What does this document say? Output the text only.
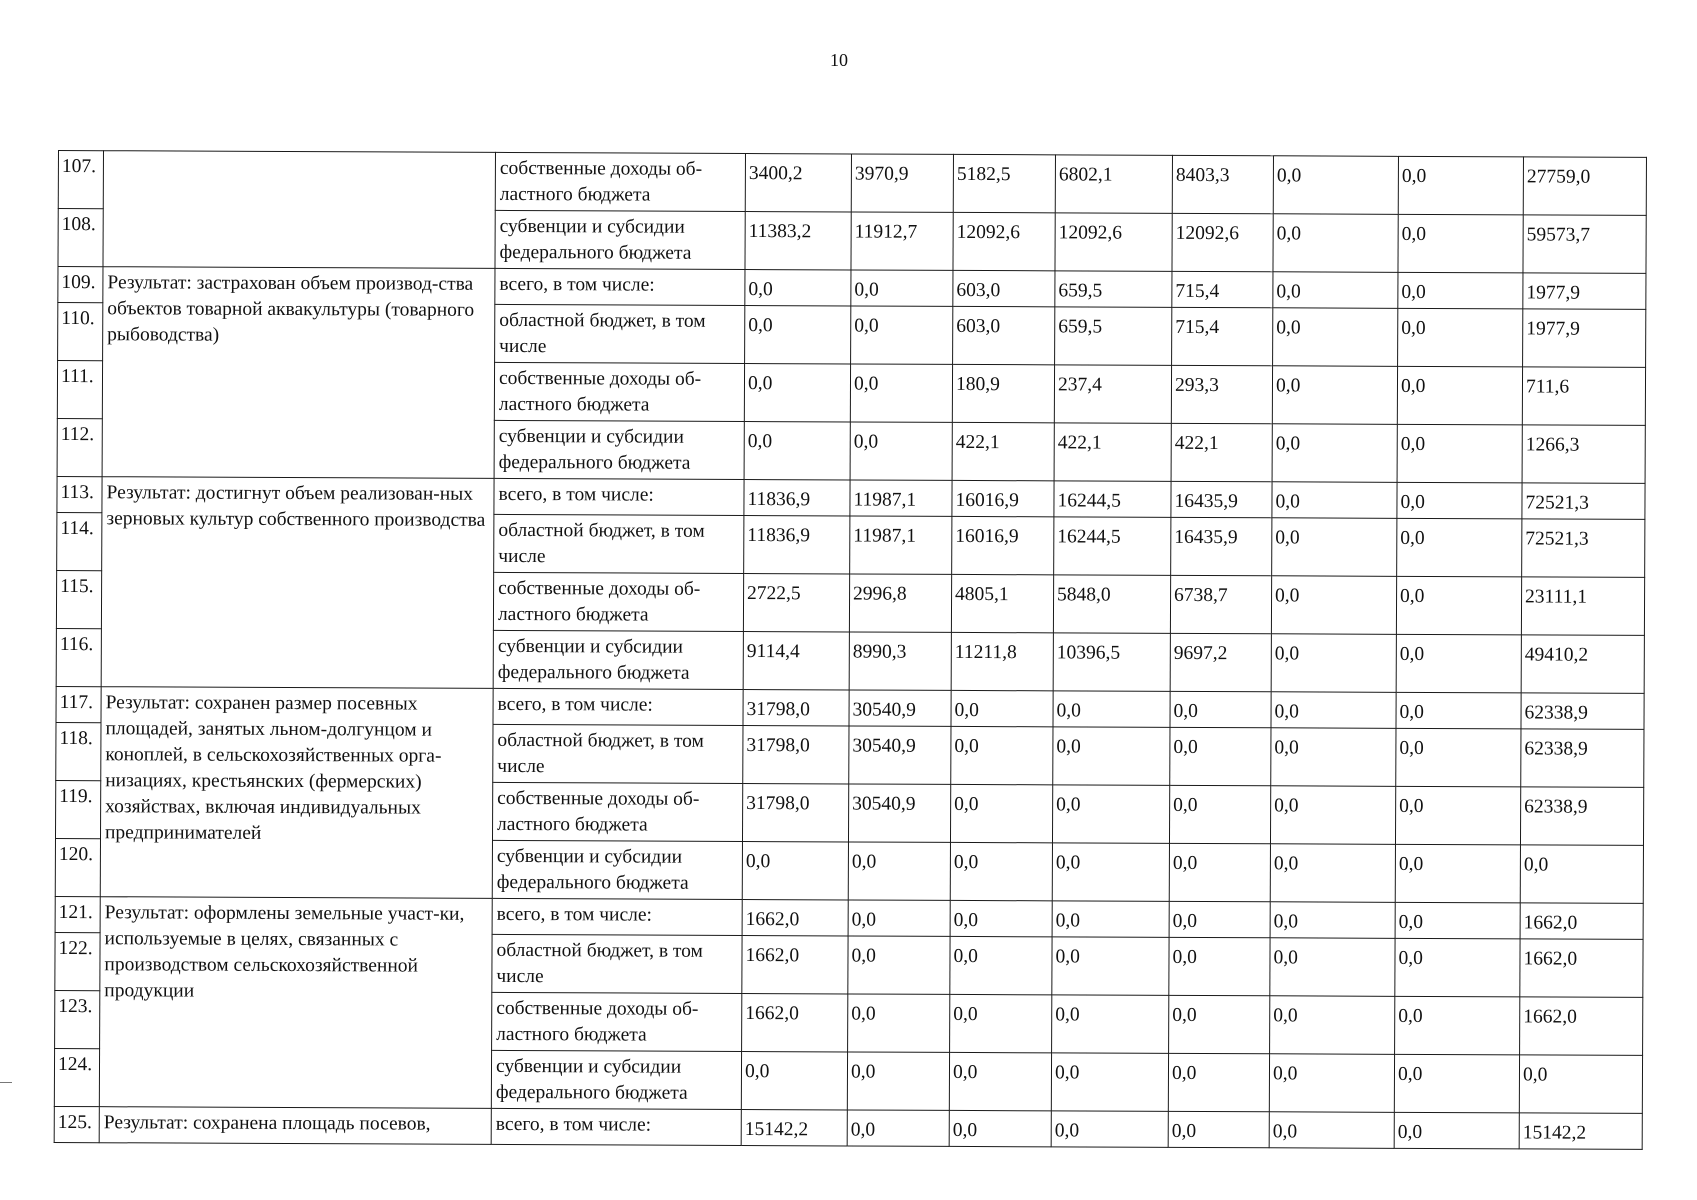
10
107.		собственные доходы об-ластного бюджета	3400,2	3970,9	5182,5	6802,1	8403,3	0,0	0,0	27759,0
108.		субвенции и субсидии федерального бюджета	11383,2	11912,7	12092,6	12092,6	12092,6	0,0	0,0	59573,7
109.	Результат: застрахован объем производ-ства объектов товарной аквакультуры (товарного рыбоводства)	всего, в том числе:	0,0	0,0	603,0	659,5	715,4	0,0	0,0	1977,9
110.		областной бюджет, в том числе	0,0	0,0	603,0	659,5	715,4	0,0	0,0	1977,9
111.		собственные доходы об-ластного бюджета	0,0	0,0	180,9	237,4	293,3	0,0	0,0	711,6
112.		субвенции и субсидии федерального бюджета	0,0	0,0	422,1	422,1	422,1	0,0	0,0	1266,3
113.	Результат: достигнут объем реализован-ных зерновых культур собственного производства	всего, в том числе:	11836,9	11987,1	16016,9	16244,5	16435,9	0,0	0,0	72521,3
114.		областной бюджет, в том числе	11836,9	11987,1	16016,9	16244,5	16435,9	0,0	0,0	72521,3
115.		собственные доходы об-ластного бюджета	2722,5	2996,8	4805,1	5848,0	6738,7	0,0	0,0	23111,1
116.		субвенции и субсидии федерального бюджета	9114,4	8990,3	11211,8	10396,5	9697,2	0,0	0,0	49410,2
117.	Результат: сохранен размер посевных площадей, занятых льном-долгунцом и коноплей, в сельскохозяйственных орга-низациях, крестьянских (фермерских) хозяйствах, включая индивидуальных предпринимателей	всего, в том числе:	31798,0	30540,9	0,0	0,0	0,0	0,0	0,0	62338,9
118.		областной бюджет, в том числе	31798,0	30540,9	0,0	0,0	0,0	0,0	0,0	62338,9
119.		собственные доходы об-ластного бюджета	31798,0	30540,9	0,0	0,0	0,0	0,0	0,0	62338,9
120.		субвенции и субсидии федерального бюджета	0,0	0,0	0,0	0,0	0,0	0,0	0,0	0,0
121.	Результат: оформлены земельные участ-ки, используемые в целях, связанных с производством сельскохозяйственной продукции	всего, в том числе:	1662,0	0,0	0,0	0,0	0,0	0,0	0,0	1662,0
122.		областной бюджет, в том числе	1662,0	0,0	0,0	0,0	0,0	0,0	0,0	1662,0
123.		собственные доходы об-ластного бюджета	1662,0	0,0	0,0	0,0	0,0	0,0	0,0	1662,0
124.		субвенции и субсидии федерального бюджета	0,0	0,0	0,0	0,0	0,0	0,0	0,0	0,0
125.	Результат: сохранена площадь посевов,	всего, в том числе:	15142,2	0,0	0,0	0,0	0,0	0,0	0,0	15142,2
